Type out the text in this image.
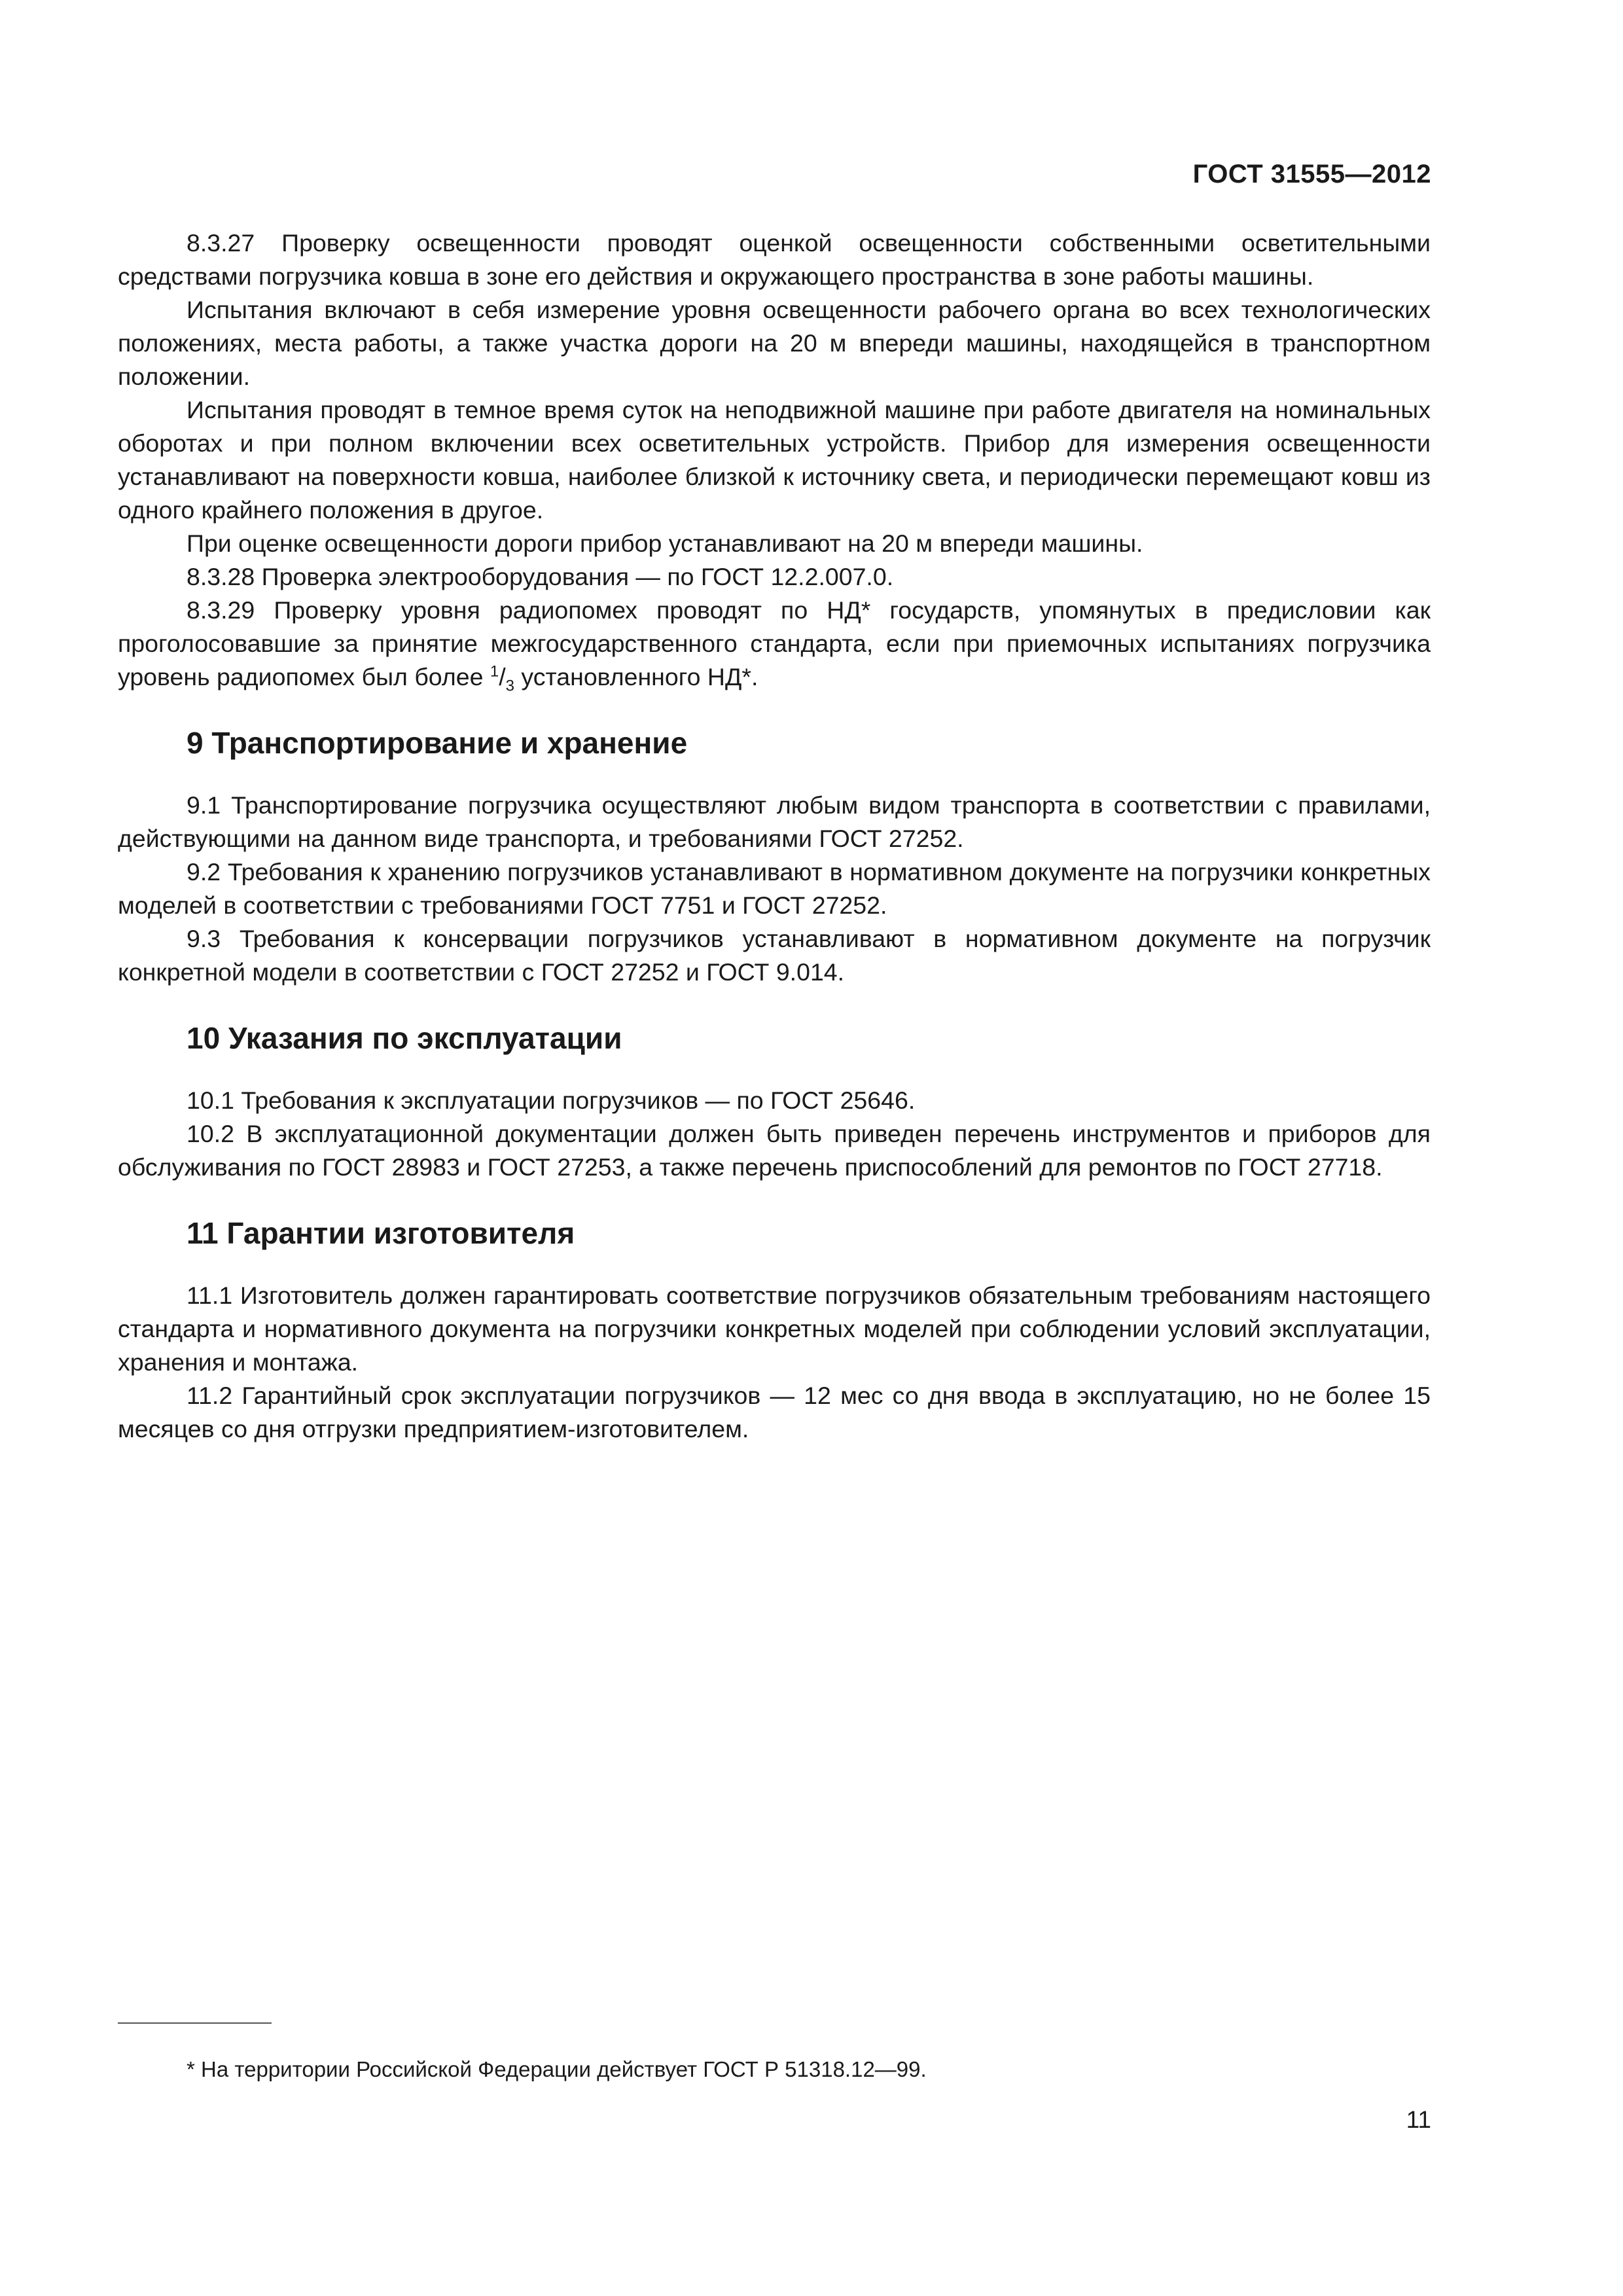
ГОСТ 31555—2012

8.3.27 Проверку освещенности проводят оценкой освещенности собственными осветительными средствами погрузчика ковша в зоне его действия и окружающего пространства в зоне работы машины.

Испытания включают в себя измерение уровня освещенности рабочего органа во всех технологических положениях, места работы, а также участка дороги на 20 м впереди машины, находящейся в транспортном положении.

Испытания проводят в темное время суток на неподвижной машине при работе двигателя на номинальных оборотах и при полном включении всех осветительных устройств. Прибор для измерения освещенности устанавливают на поверхности ковша, наиболее близкой к источнику света, и периодически перемещают ковш из одного крайнего положения в другое.

При оценке освещенности дороги прибор устанавливают на 20 м впереди машины.

8.3.28 Проверка электрооборудования — по ГОСТ 12.2.007.0.

8.3.29 Проверку уровня радиопомех проводят по НД* государств, упомянутых в предисловии как проголосовавшие за принятие межгосударственного стандарта, если при приемочных испытаниях погрузчика уровень радиопомех был более $^1/_3$ установленного НД*.

9 Транспортирование и хранение

9.1 Транспортирование погрузчика осуществляют любым видом транспорта в соответствии с правилами, действующими на данном виде транспорта, и требованиями ГОСТ 27252.

9.2 Требования к хранению погрузчиков устанавливают в нормативном документе на погрузчики конкретных моделей в соответствии с требованиями ГОСТ 7751 и ГОСТ 27252.

9.3 Требования к консервации погрузчиков устанавливают в нормативном документе на погрузчик конкретной модели в соответствии с ГОСТ 27252 и ГОСТ 9.014.

10 Указания по эксплуатации

10.1 Требования к эксплуатации погрузчиков — по ГОСТ 25646.

10.2 В эксплуатационной документации должен быть приведен перечень инструментов и приборов для обслуживания по ГОСТ 28983 и ГОСТ 27253, а также перечень приспособлений для ремонтов по ГОСТ 27718.

11 Гарантии изготовителя

11.1 Изготовитель должен гарантировать соответствие погрузчиков обязательным требованиям настоящего стандарта и нормативного документа на погрузчики конкретных моделей при соблюдении условий эксплуатации, хранения и монтажа.

11.2 Гарантийный срок эксплуатации погрузчиков — 12 мес со дня ввода в эксплуатацию, но не более 15 месяцев со дня отгрузки предприятием-изготовителем.

* На территории Российской Федерации действует ГОСТ Р 51318.12—99.
11
